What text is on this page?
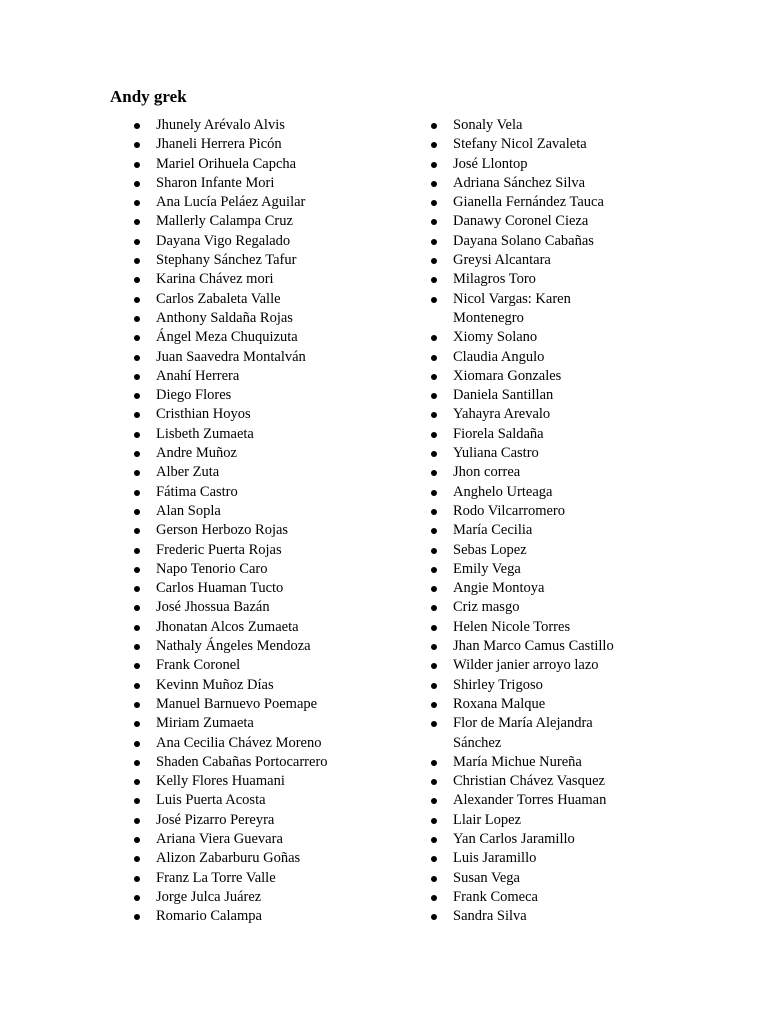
Andy grek
Jhunely Arévalo Alvis
Jhaneli Herrera Picón
Mariel Orihuela Capcha
Sharon Infante Mori
Ana Lucía Peláez Aguilar
Mallerly Calampa Cruz
Dayana Vigo Regalado
Stephany Sánchez Tafur
Karina Chávez mori
Carlos Zabaleta Valle
Anthony Saldaña Rojas
Ángel Meza Chuquizuta
Juan Saavedra Montalván
Anahí Herrera
Diego Flores
Cristhian Hoyos
Lisbeth Zumaeta
Andre Muñoz
Alber Zuta
Fátima Castro
Alan Sopla
Gerson Herbozo Rojas
Frederic Puerta Rojas
Napo Tenorio Caro
Carlos Huaman Tucto
José Jhossua Bazán
Jhonatan Alcos Zumaeta
Nathaly Ángeles Mendoza
Frank Coronel
Kevinn Muñoz Días
Manuel Barnuevo Poemape
Miriam Zumaeta
Ana Cecilia Chávez Moreno
Shaden Cabañas Portocarrero
Kelly Flores Huamani
Luis Puerta Acosta
José Pizarro Pereyra
Ariana Viera Guevara
Alizon Zabarburu Goñas
Franz La Torre Valle
Jorge Julca Juárez
Romario Calampa
Sonaly Vela
Stefany Nicol Zavaleta
José Llontop
Adriana Sánchez Silva
Gianella Fernández Tauca
Danawy Coronel Cieza
Dayana Solano Cabañas
Greysi Alcantara
Milagros Toro
Nicol Vargas: Karen Montenegro
Xiomy Solano
Claudia Angulo
Xiomara Gonzales
Daniela Santillan
Yahayra Arevalo
Fiorela Saldaña
Yuliana Castro
Jhon correa
Anghelo Urteaga
Rodo Vilcarromero
María Cecilia
Sebas Lopez
Emily Vega
Angie Montoya
Criz masgo
Helen Nicole Torres
Jhan Marco Camus Castillo
Wilder janier arroyo lazo
Shirley Trigoso
Roxana Malque
Flor de María Alejandra Sánchez
María Michue Nureña
Christian Chávez Vasquez
Alexander Torres Huaman
Llair Lopez
Yan Carlos Jaramillo
Luis Jaramillo
Susan Vega
Frank Comeca
Sandra Silva
